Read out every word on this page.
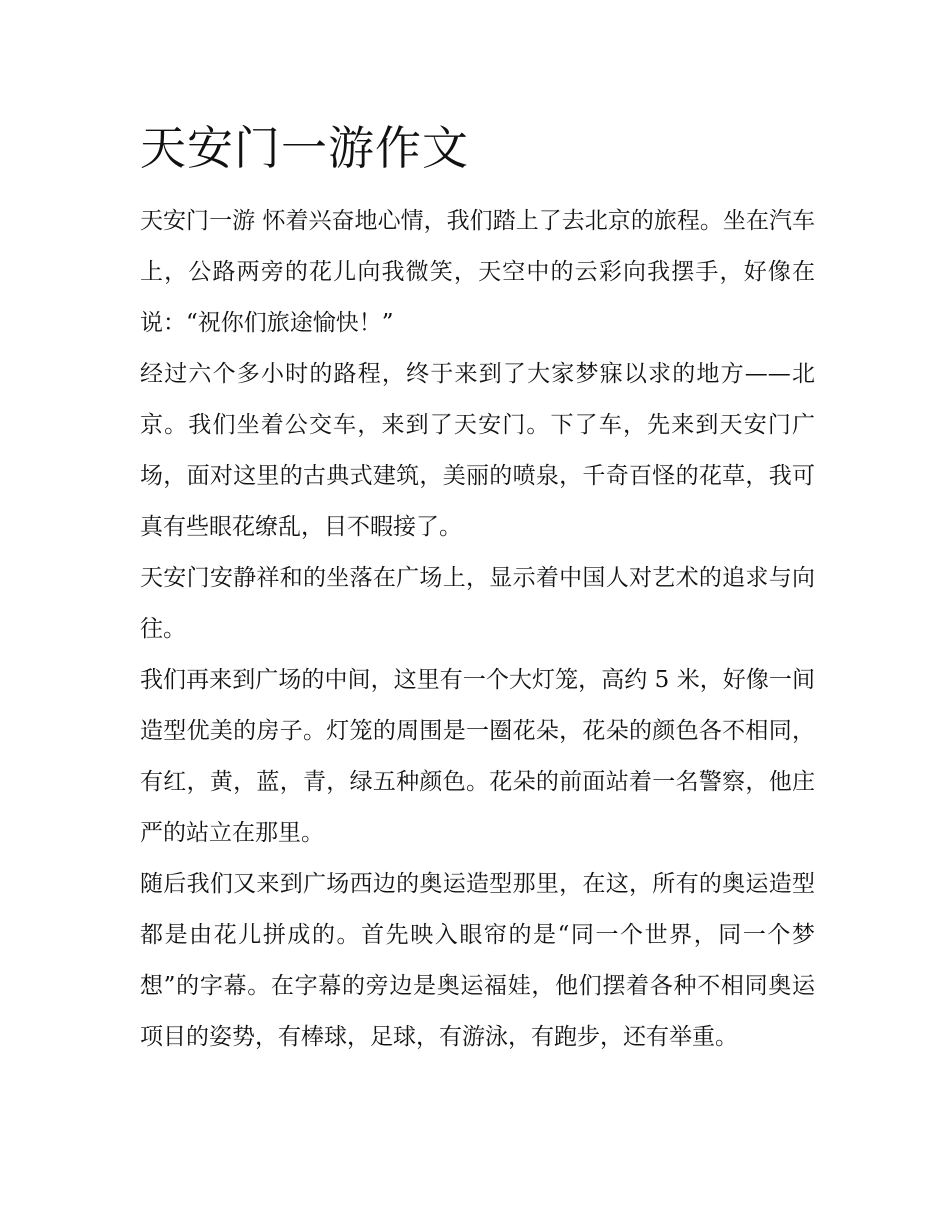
天安门一游作文

天安门一游 怀着兴奋地心情，我们踏上了去北京的旅程。坐在汽车上，公路两旁的花儿向我微笑，天空中的云彩向我摆手，好像在说：“祝你们旅途愉快！”

经过六个多小时的路程，终于来到了大家梦寐以求的地方——北京。我们坐着公交车，来到了天安门。下了车，先来到天安门广场，面对这里的古典式建筑，美丽的喷泉，千奇百怪的花草，我可真有些眼花缭乱，目不暇接了。

天安门安静祥和的坐落在广场上，显示着中国人对艺术的追求与向往。

我们再来到广场的中间，这里有一个大灯笼，高约 5 米，好像一间造型优美的房子。灯笼的周围是一圈花朵，花朵的颜色各不相同，有红，黄，蓝，青，绿五种颜色。花朵的前面站着一名警察，他庄严的站立在那里。

随后我们又来到广场西边的奥运造型那里，在这，所有的奥运造型都是由花儿拼成的。首先映入眼帘的是“同一个世界，同一个梦想”的字幕。在字幕的旁边是奥运福娃，他们摆着各种不相同奥运项目的姿势，有棒球，足球，有游泳，有跑步，还有举重。
